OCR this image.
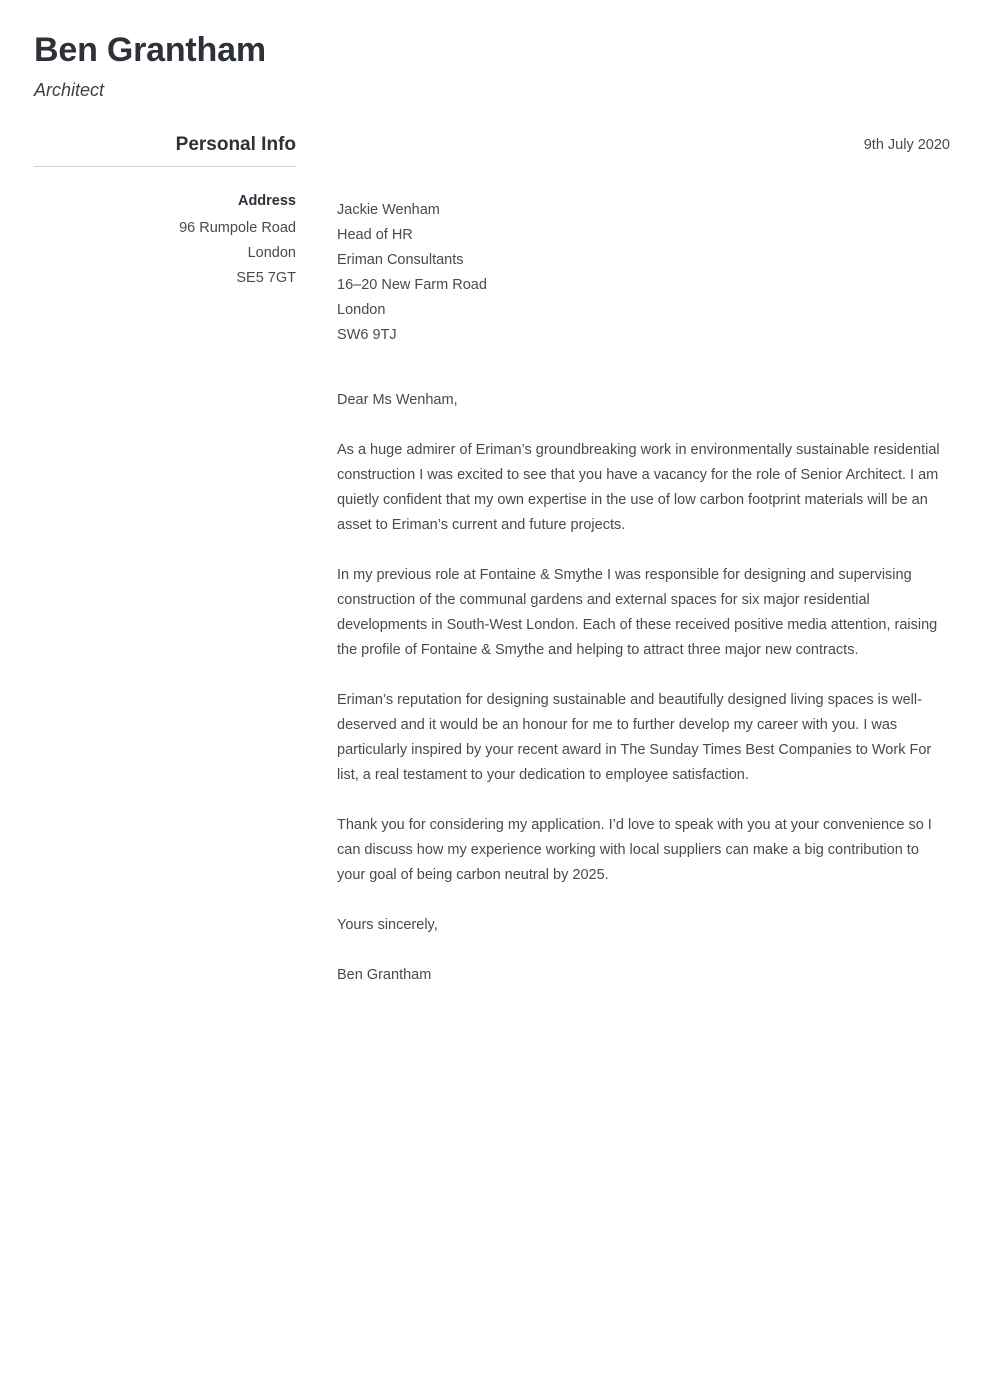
Ben Grantham
Architect
Personal Info
Address
96 Rumpole Road
London
SE5 7GT
9th July 2020
Jackie Wenham
Head of HR
Eriman Consultants
16–20 New Farm Road
London
SW6 9TJ

Dear Ms Wenham,

As a huge admirer of Eriman’s groundbreaking work in environmentally sustainable residential construction I was excited to see that you have a vacancy for the role of Senior Architect. I am quietly confident that my own expertise in the use of low carbon footprint materials will be an asset to Eriman’s current and future projects.

In my previous role at Fontaine & Smythe I was responsible for designing and supervising construction of the communal gardens and external spaces for six major residential developments in South-West London. Each of these received positive media attention, raising the profile of Fontaine & Smythe and helping to attract three major new contracts.

Eriman’s reputation for designing sustainable and beautifully designed living spaces is well-deserved and it would be an honour for me to further develop my career with you. I was particularly inspired by your recent award in The Sunday Times Best Companies to Work For list, a real testament to your dedication to employee satisfaction.

Thank you for considering my application. I’d love to speak with you at your convenience so I can discuss how my experience working with local suppliers can make a big contribution to your goal of being carbon neutral by 2025.

Yours sincerely,

Ben Grantham
